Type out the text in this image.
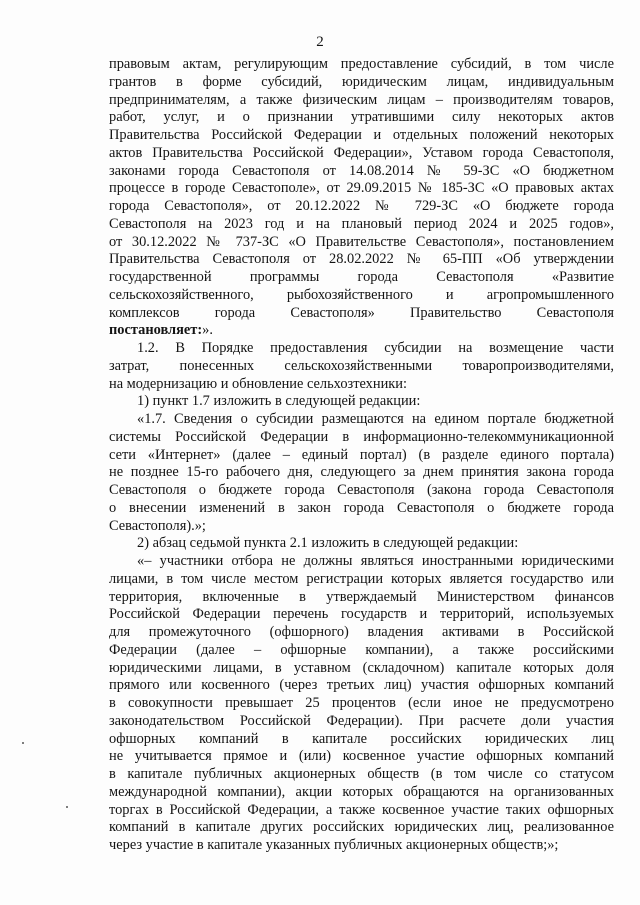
2
правовым актам, регулирующим предоставление субсидий, в том числе
грантов в форме субсидий, юридическим лицам, индивидуальным
предпринимателям, а также физическим лицам – производителям товаров,
работ, услуг, и о признании утратившими силу некоторых актов
Правительства Российской Федерации и отдельных положений некоторых
актов Правительства Российской Федерации», Уставом города Севастополя,
законами города Севастополя от 14.08.2014 № 59-ЗС «О бюджетном
процессе в городе Севастополе», от 29.09.2015 № 185-ЗС «О правовых актах
города Севастополя», от 20.12.2022 № 729-ЗС «О бюджете города
Севастополя на 2023 год и на плановый период 2024 и 2025 годов»,
от 30.12.2022 № 737-ЗС «О Правительстве Севастополя», постановлением
Правительства Севастополя от 28.02.2022 № 65-ПП «Об утверждении
государственной программы города Севастополя «Развитие
сельскохозяйственного, рыбохозяйственного и агропромышленного
комплексов города Севастополя» Правительство Севастополя
постановляет:».
1.2. В Порядке предоставления субсидии на возмещение части
затрат, понесенных сельскохозяйственными товаропроизводителями,
на модернизацию и обновление сельхозтехники:
1) пункт 1.7 изложить в следующей редакции:
«1.7. Сведения о субсидии размещаются на едином портале бюджетной
системы Российской Федерации в информационно-телекоммуникационной
сети «Интернет» (далее – единый портал) (в разделе единого портала)
не позднее 15-го рабочего дня, следующего за днем принятия закона города
Севастополя о бюджете города Севастополя (закона города Севастополя
о внесении изменений в закон города Севастополя о бюджете города
Севастополя).»;
2) абзац седьмой пункта 2.1 изложить в следующей редакции:
«– участники отбора не должны являться иностранными юридическими
лицами, в том числе местом регистрации которых является государство или
территория, включенные в утверждаемый Министерством финансов
Российской Федерации перечень государств и территорий, используемых
для промежуточного (офшорного) владения активами в Российской
Федерации (далее – офшорные компании), а также российскими
юридическими лицами, в уставном (складочном) капитале которых доля
прямого или косвенного (через третьих лиц) участия офшорных компаний
в совокупности превышает 25 процентов (если иное не предусмотрено
законодательством Российской Федерации). При расчете доли участия
офшорных компаний в капитале российских юридических лиц
не учитывается прямое и (или) косвенное участие офшорных компаний
в капитале публичных акционерных обществ (в том числе со статусом
международной компании), акции которых обращаются на организованных
торгах в Российской Федерации, а также косвенное участие таких офшорных
компаний в капитале других российских юридических лиц, реализованное
через участие в капитале указанных публичных акционерных обществ;»;
